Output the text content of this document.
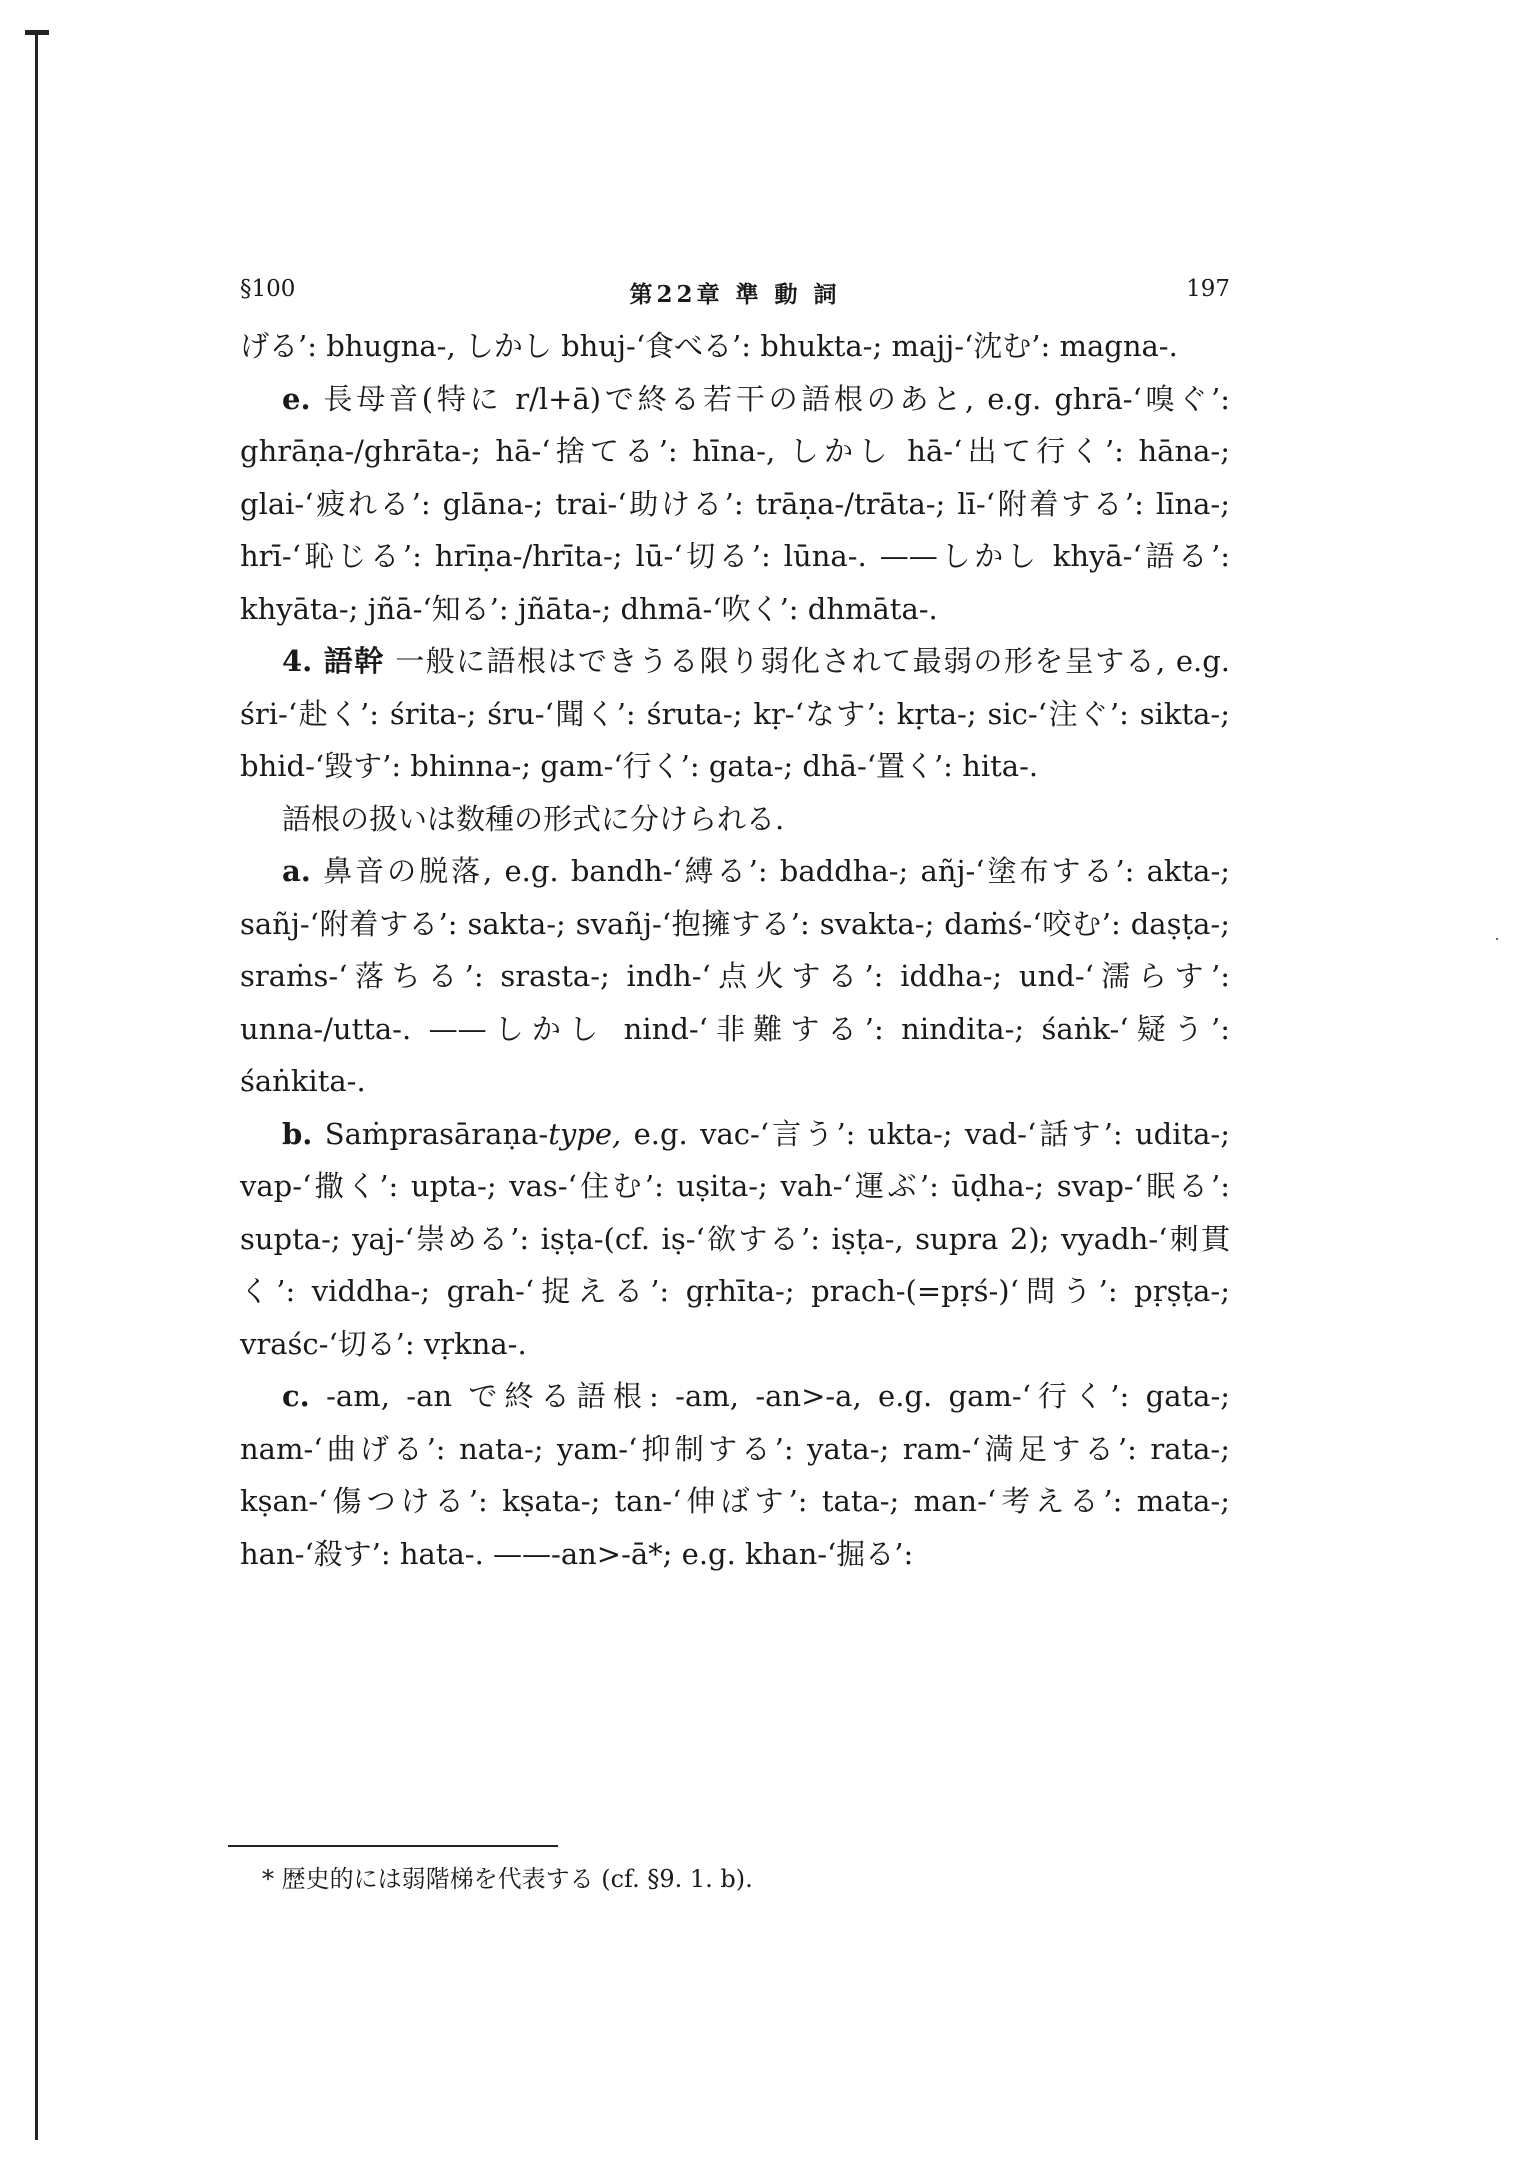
§100	第22章 準 動 詞	197

げる’: bhugna-, しかし bhuj-‘食べる’: bhukta-; majj-‘沈む’: magna-.

e. 長母音(特に r/l+ā)で終る若干の語根のあと, e.g. ghrā-‘嗅ぐ’: ghrāṇa-/ghrāta-; hā-‘捨てる’: hīna-, しかし hā-‘出て行く’: hāna-; glai-‘疲れる’: glāna-; trai-‘助ける’: trāṇa-/trāta-; lī-‘附着する’: līna-; hrī-‘恥じる’: hrīṇa-/hrīta-; lū-‘切る’: lūna-. ——しかし khyā-‘語る’: khyāta-; jñā-‘知る’: jñāta-; dhmā-‘吹く’: dhmāta-.

4. 語幹 一般に語根はできうる限り弱化されて最弱の形を呈する, e.g. śri-‘赴く’: śrita-; śru-‘聞く’: śruta-; kṛ-‘なす’: kṛta-; sic-‘注ぐ’: sikta-; bhid-‘毀す’: bhinna-; gam-‘行く’: gata-; dhā-‘置く’: hita-.

語根の扱いは数種の形式に分けられる.

a. 鼻音の脱落, e.g. bandh-‘縛る’: baddha-; añj-‘塗布する’: akta-; sañj-‘附着する’: sakta-; svañj-‘抱擁する’: svakta-; daṁś-‘咬む’: daṣṭa-; sraṁs-‘落ちる’: srasta-; indh-‘点火する’: iddha-; und-‘濡らす’: unna-/utta-. ——しかし nind-‘非難する’: nindita-; śaṅk-‘疑う’: śaṅkita-.

b. Saṁprasāraṇa-type, e.g. vac-‘言う’: ukta-; vad-‘話す’: udita-; vap-‘撒く’: upta-; vas-‘住む’: uṣita-; vah-‘運ぶ’: ūḍha-; svap-‘眠る’: supta-; yaj-‘崇める’: iṣṭa-(cf. iṣ-‘欲する’: iṣṭa-, supra 2); vyadh-‘刺貫く’: viddha-; grah-‘捉える’: gṛhīta-; prach-(=pṛś-)‘問う’: pṛṣṭa-; vraśc-‘切る’: vṛkna-.

c. -am, -an で終る語根: -am, -an>-a, e.g. gam-‘行く’: gata-; nam-‘曲げる’: nata-; yam-‘抑制する’: yata-; ram-‘満足する’: rata-; kṣan-‘傷つける’: kṣata-; tan-‘伸ばす’: tata-; man-‘考える’: mata-; han-‘殺す’: hata-. ——-an>-ā*; e.g. khan-‘掘る’:

* 歴史的には弱階梯を代表する (cf. §9. 1. b).
